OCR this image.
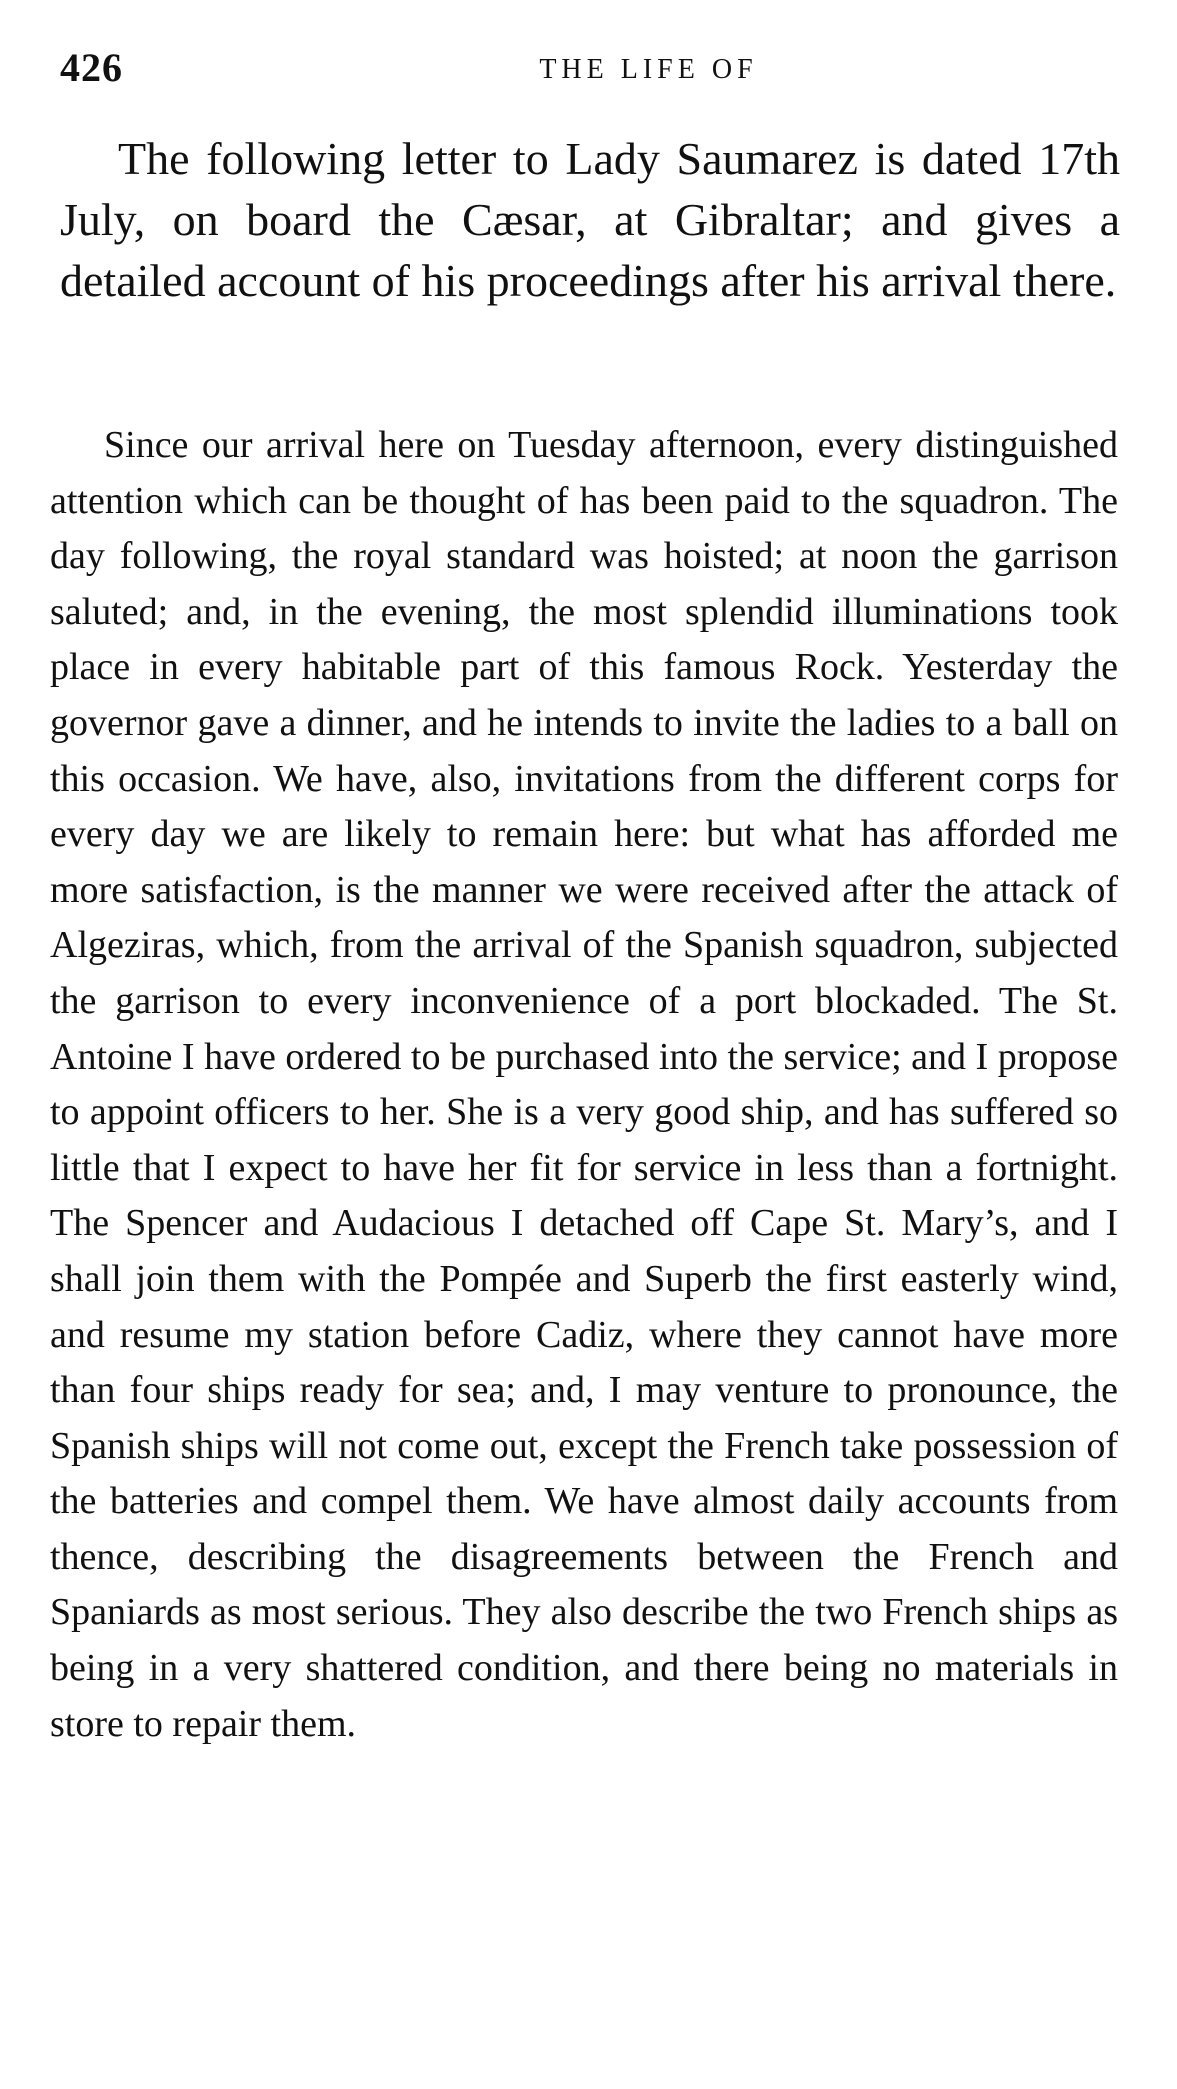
426	THE LIFE OF

The following letter to Lady Saumarez is dated 17th July, on board the Cæsar, at Gibraltar; and gives a detailed account of his proceedings after his arrival there.

Since our arrival here on Tuesday afternoon, every distinguished attention which can be thought of has been paid to the squadron. The day following, the royal standard was hoisted; at noon the garrison saluted; and, in the evening, the most splendid illuminations took place in every habitable part of this famous Rock. Yesterday the governor gave a dinner, and he intends to invite the ladies to a ball on this occasion. We have, also, invitations from the different corps for every day we are likely to remain here: but what has afforded me more satisfaction, is the manner we were received after the attack of Algeziras, which, from the arrival of the Spanish squadron, subjected the garrison to every inconvenience of a port blockaded. The St. Antoine I have ordered to be purchased into the service; and I propose to appoint officers to her. She is a very good ship, and has suffered so little that I expect to have her fit for service in less than a fortnight. The Spencer and Audacious I detached off Cape St. Mary’s, and I shall join them with the Pompée and Superb the first easterly wind, and resume my station before Cadiz, where they cannot have more than four ships ready for sea; and, I may venture to pronounce, the Spanish ships will not come out, except the French take possession of the batteries and compel them. We have almost daily accounts from thence, describing the disagreements between the French and Spaniards as most serious. They also describe the two French ships as being in a very shattered condition, and there being no materials in store to repair them.
